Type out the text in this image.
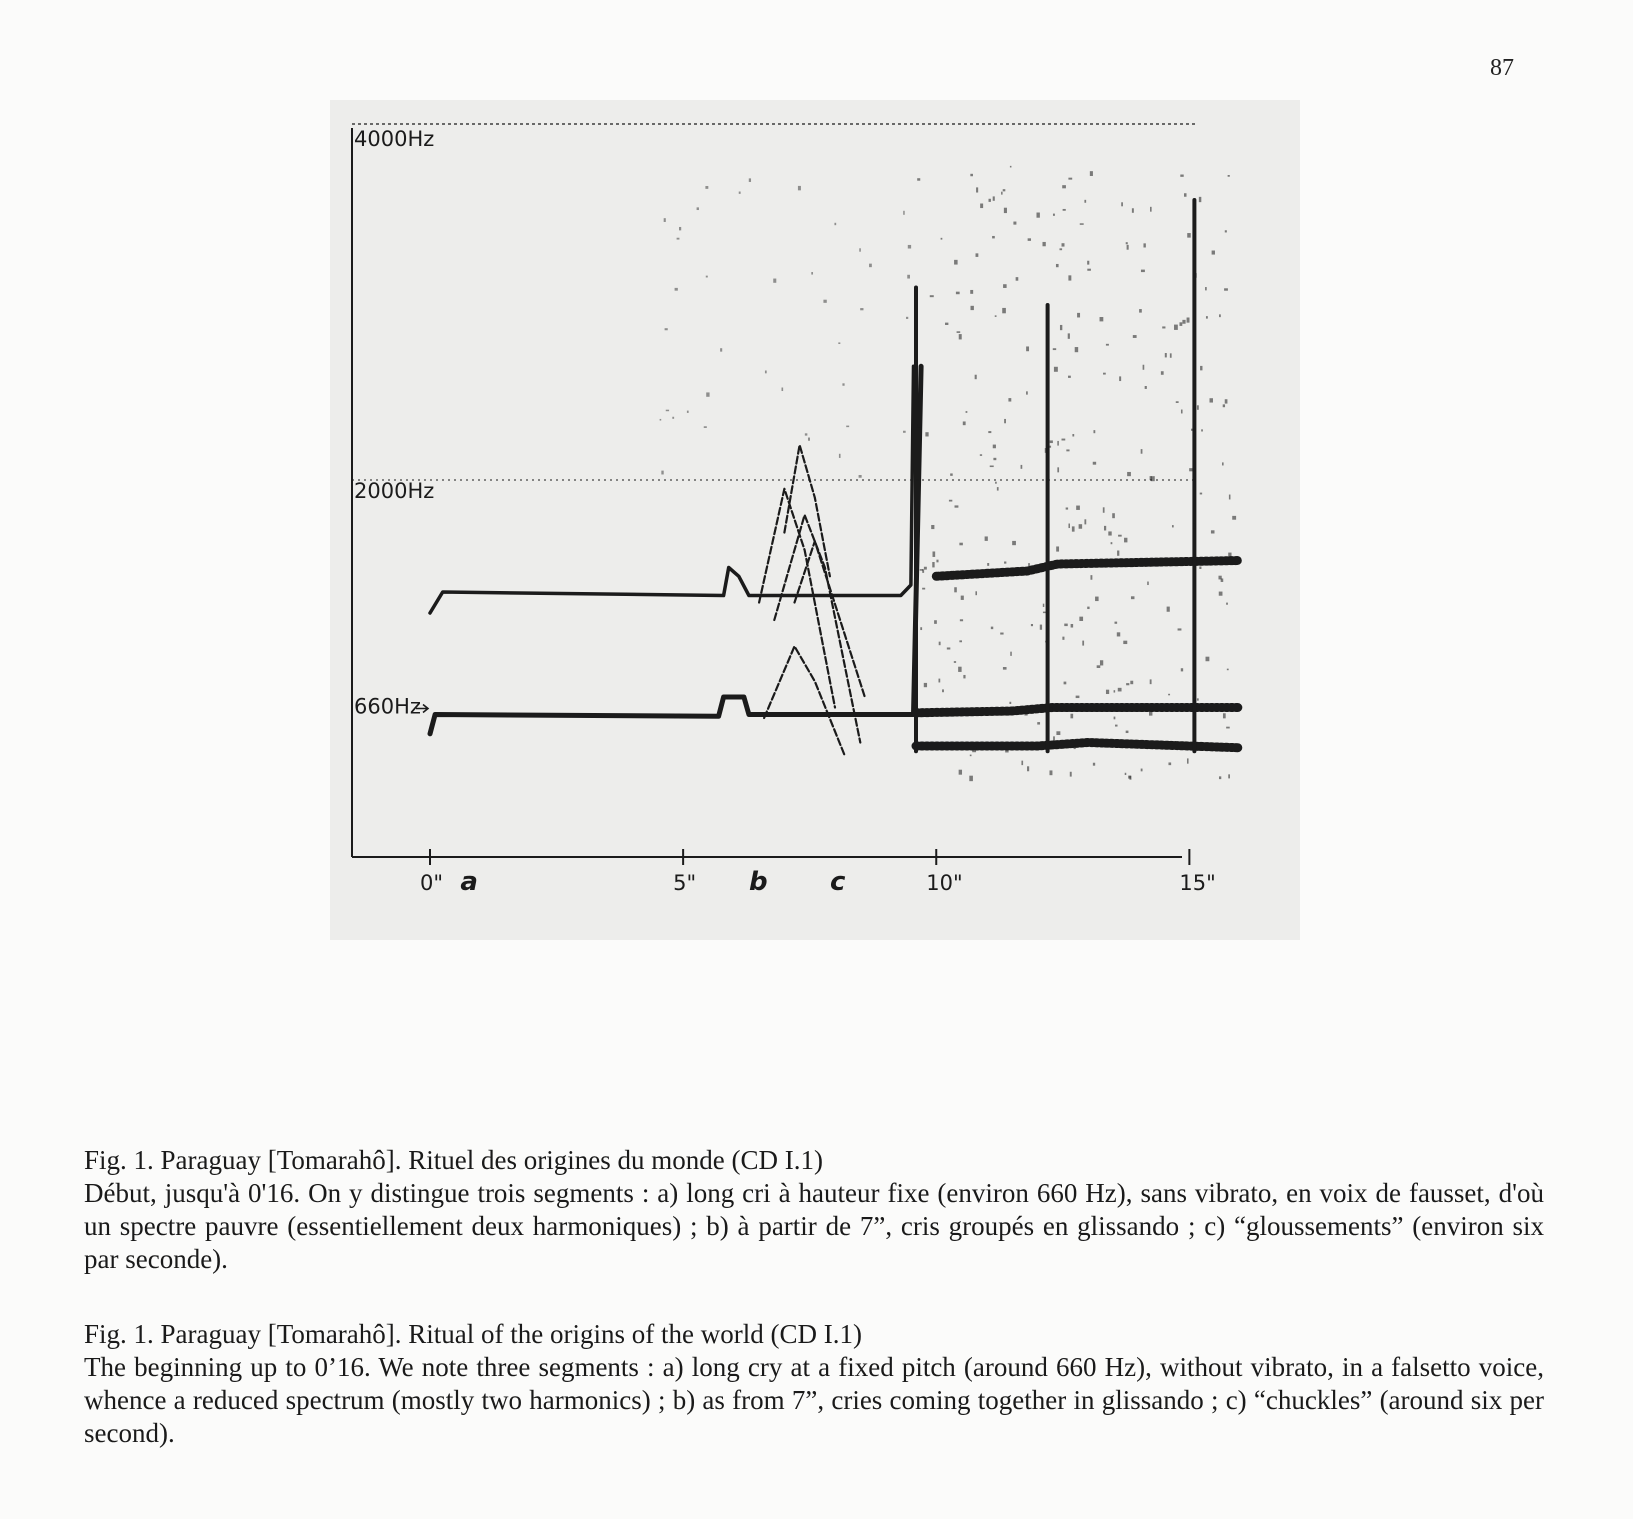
87
4000Hz
2000Hz
660Hz
0"	5"	10"	15"
a	b c

Fig. 1. Paraguay [Tomarahô]. Rituel des origines du monde (CD I.1)

Début, jusqu'à 0'16. On y distingue trois segments : a) long cri à hauteur fixe (environ 660 Hz), sans vibrato, en voix de fausset, d'où un spectre pauvre (essentiellement deux harmoniques) ; b) à partir de 7”, cris groupés en glissando ; c) “gloussements” (environ six par seconde).

Fig. 1. Paraguay [Tomarahô]. Ritual of the origins of the world (CD I.1)

The beginning up to 0’16. We note three segments : a) long cry at a fixed pitch (around 660 Hz), without vibrato, in a falsetto voice, whence a reduced spectrum (mostly two harmonics) ; b) as from 7”, cries coming together in glissando ; c) “chuckles” (around six per second).
